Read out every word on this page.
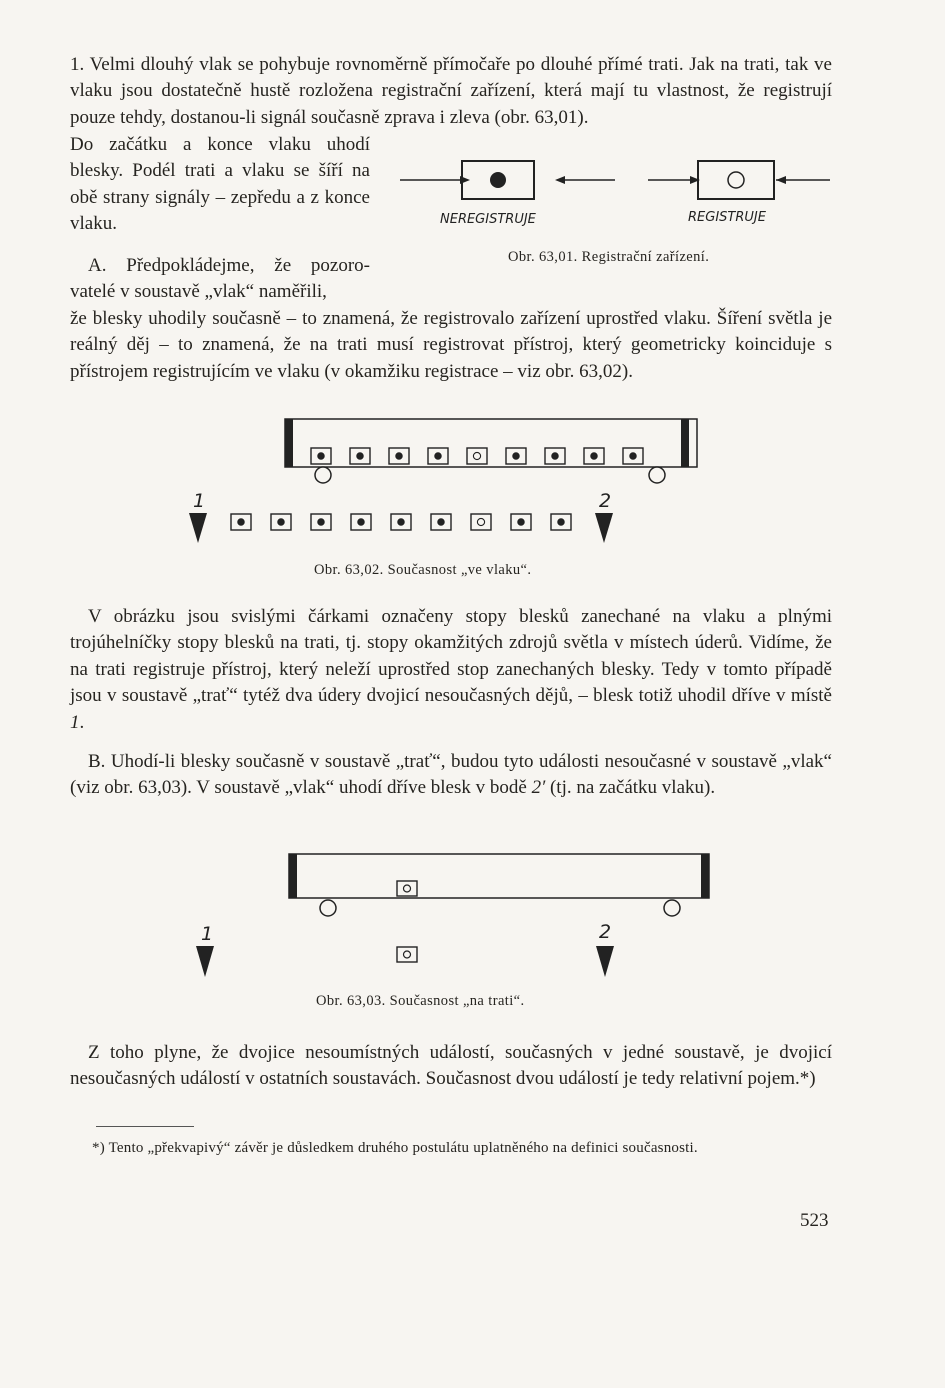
1. Velmi dlouhý vlak se pohybuje rovnoměrně přímočaře po dlouhé přímé trati. Jak na trati, tak ve vlaku jsou dostatečně hustě rozložena registrační zařízení, která mají tu vlastnost, že registrují pouze tehdy, dostanou-li signál současně zprava i zleva (obr. 63,01).

Do začátku a konce vlaku uhodí blesky. Podél trati a vlaku se šíří na obě strany signály – zepředu a z konce vlaku.

A. Předpokládejme, že pozoro- vatelé v soustavě „vlak“ naměřili,

že blesky uhodily současně – to znamená, že registrovalo zařízení uprostřed vlaku. Šíření světla je reálný děj – to znamená, že na trati musí registrovat přístroj, který geometricky koinciduje s přístrojem registrujícím ve vlaku (v okamžiku registrace – viz obr. 63,02).

NEREGISTRUJE	REGISTRUJE
Obr. 63,01. Registrační zařízení.
1	2
Obr. 63,02. Současnost „ve vlaku“.

V obrázku jsou svislými čárkami označeny stopy blesků zanechané na vlaku a plnými trojúhelníčky stopy blesků na trati, tj. stopy okamžitých zdrojů světla v místech úderů. Vidíme, že na trati registruje přístroj, který neleží uprostřed stop zanechaných blesky. Tedy v tomto případě jsou v soustavě „trať“ tytéž dva údery dvojicí nesoučasných dějů, – blesk totiž uhodil dříve v místě 1.

B. Uhodí-li blesky současně v soustavě „trať“, budou tyto události nesoučasné v soustavě „vlak“ (viz obr. 63,03). V soustavě „vlak“ uhodí dříve blesk v bodě 2′ (tj. na začátku vlaku).

1	2
Obr. 63,03. Současnost „na trati“.

Z toho plyne, že dvojice nesoumístných událostí, současných v jedné soustavě, je dvojicí nesoučasných událostí v ostatních soustavách. Současnost dvou událostí je tedy relativní pojem.*)

*) Tento „překvapivý“ závěr je důsledkem druhého postulátu uplatněného na definici současnosti.

523
